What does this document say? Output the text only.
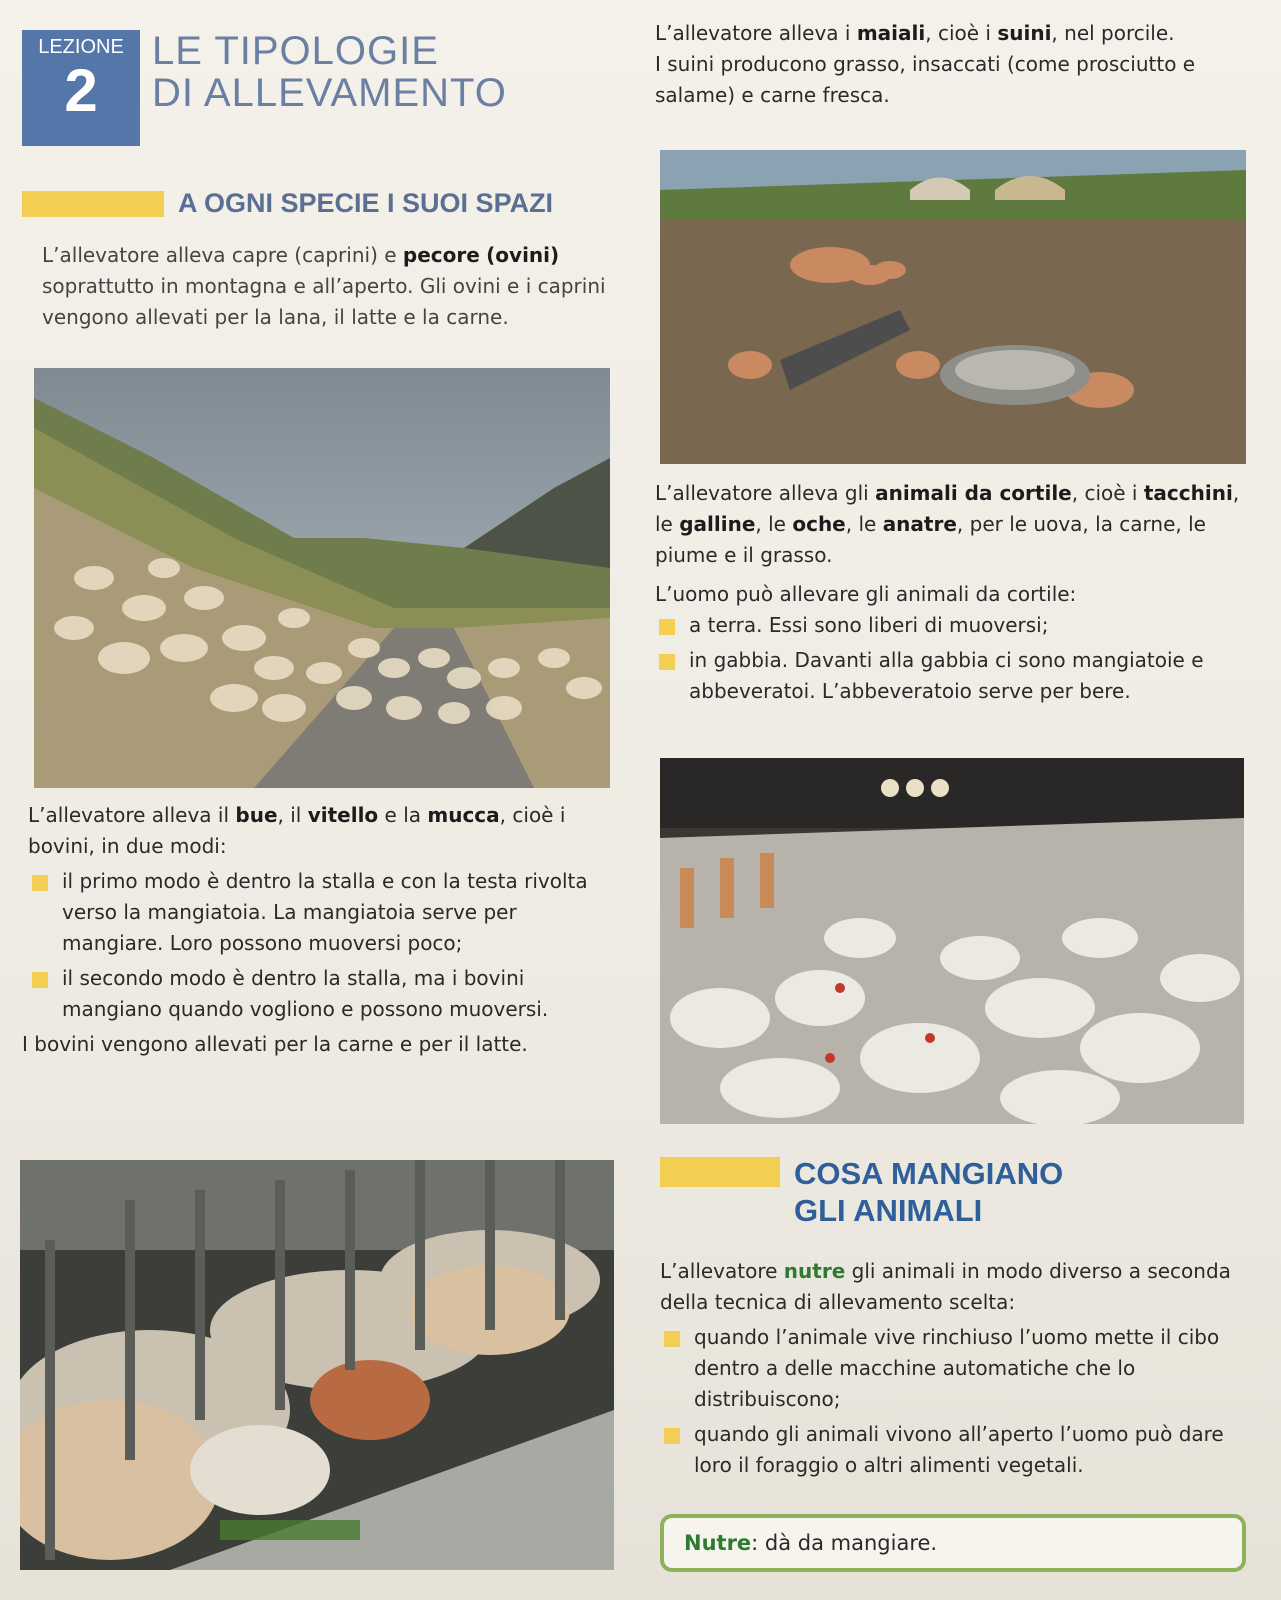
LEZIONE
2
LE TIPOLOGIE
DI ALLEVAMENTO
A OGNI SPECIE I SUOI SPAZI

L’allevatore alleva capre (caprini) e pecore (ovini) soprattutto in montagna e all’aperto. Gli ovini e i caprini vengono allevati per la lana, il latte e la carne.

L’allevatore alleva il bue, il vitello e la mucca, cioè i bovini, in due modi:

il primo modo è dentro la stalla e con la testa rivolta verso la mangiatoia. La mangiatoia serve per mangiare. Loro possono muoversi poco;
il secondo modo è dentro la stalla, ma i bovini mangiano quando vogliono e possono muoversi.

I bovini vengono allevati per la carne e per il latte.

L’allevatore alleva i maiali, cioè i suini, nel porcile.

I suini producono grasso, insaccati (come prosciutto e salame) e carne fresca.

L’allevatore alleva gli animali da cortile, cioè i tacchini, le galline, le oche, le anatre, per le uova, la carne, le piume e il grasso.

L’uomo può allevare gli animali da cortile:

a terra. Essi sono liberi di muoversi;
in gabbia. Davanti alla gabbia ci sono mangiatoie e abbeveratoi. L’abbeveratoio serve per bere.
COSA MANGIANO
GLI ANIMALI

L’allevatore nutre gli animali in modo diverso a seconda della tecnica di allevamento scelta:

quando l’animale vive rinchiuso l’uomo mette il cibo dentro a delle macchine automatiche che lo distribuiscono;
quando gli animali vivono all’aperto l’uomo può dare loro il foraggio o altri alimenti vegetali.
Nutre : dà da mangiare.
